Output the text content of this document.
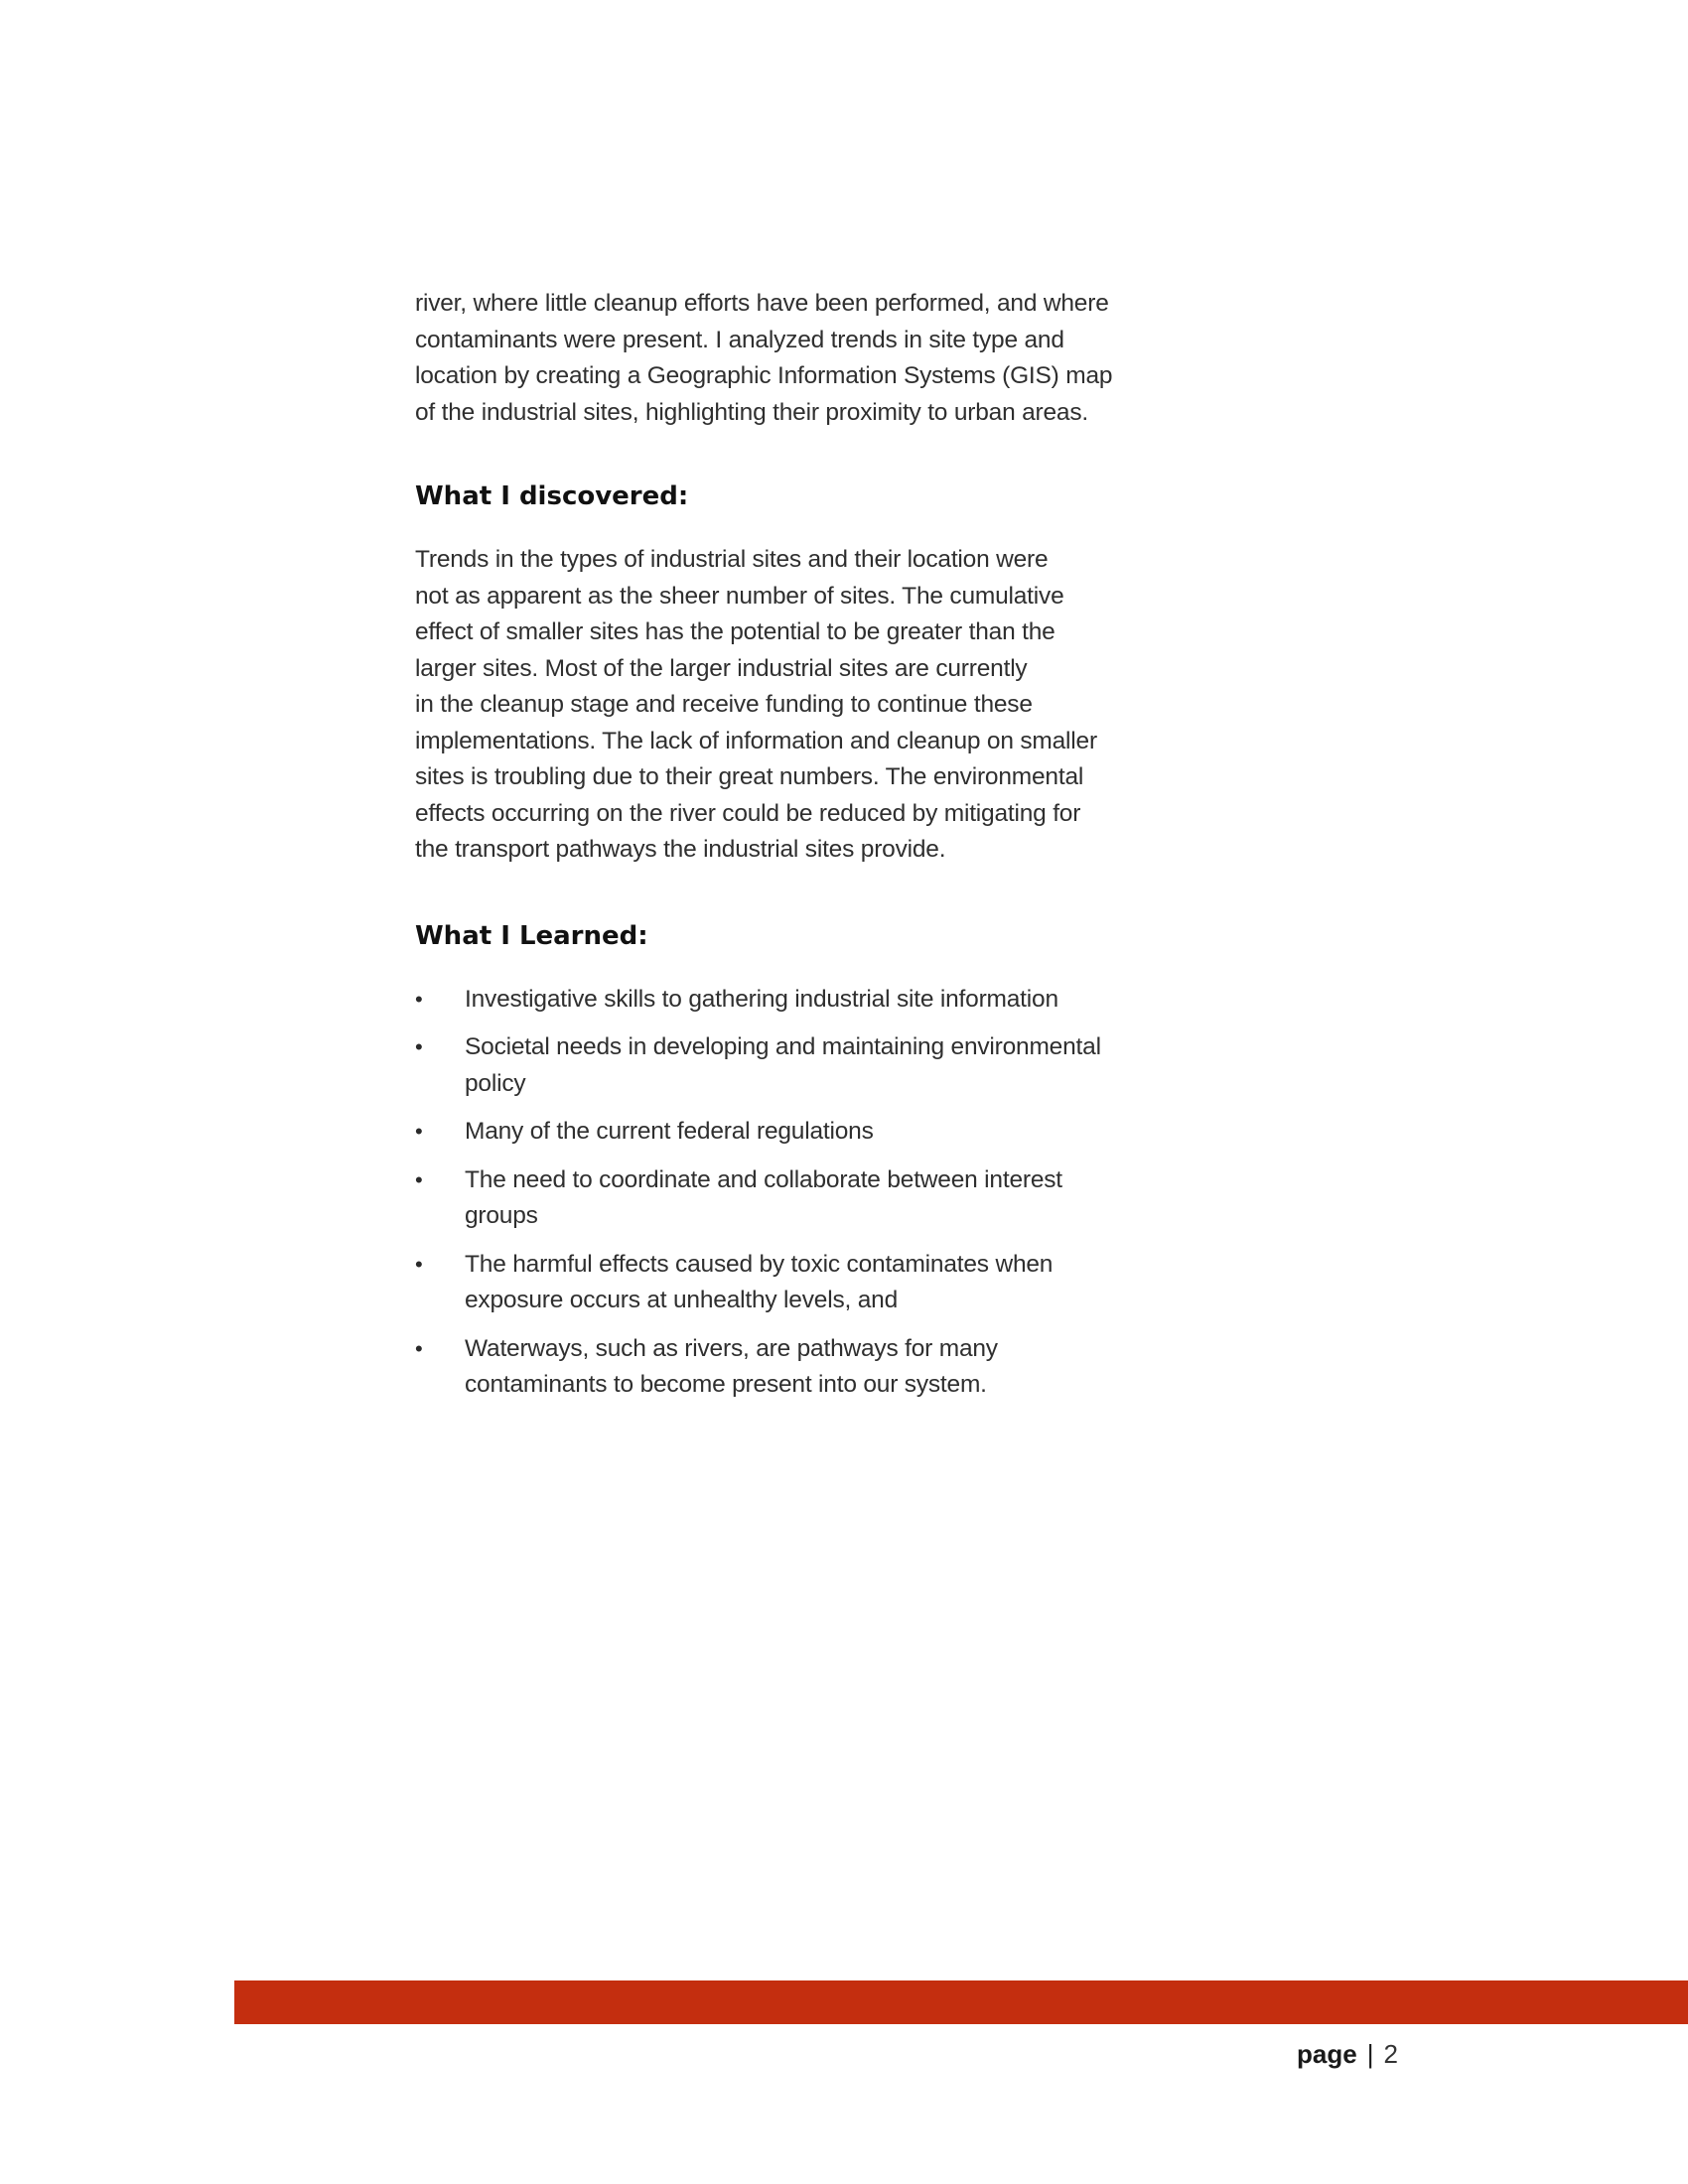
river, where little cleanup efforts have been performed, and where
contaminants were present. I analyzed trends in site type and
location by creating a Geographic Information Systems (GIS) map
of the industrial sites, highlighting their proximity to urban areas.

What I discovered:

Trends in the types of industrial sites and their location were
not as apparent as the sheer number of sites. The cumulative
effect of smaller sites has the potential to be greater than the
larger sites. Most of the larger industrial sites are currently
in the cleanup stage and receive funding to continue these
implementations. The lack of information and cleanup on smaller
sites is troubling due to their great numbers. The environmental
effects occurring on the river could be reduced by mitigating for
the transport pathways the industrial sites provide.

What I Learned:
• Investigative skills to gathering industrial site information
• Societal needs in developing and maintaining environmental
policy
• Many of the current federal regulations
• The need to coordinate and collaborate between interest
groups
• The harmful effects caused by toxic contaminates when
exposure occurs at unhealthy levels, and
• Waterways, such as rivers, are pathways for many
contaminants to become present into our system.
page | 2
